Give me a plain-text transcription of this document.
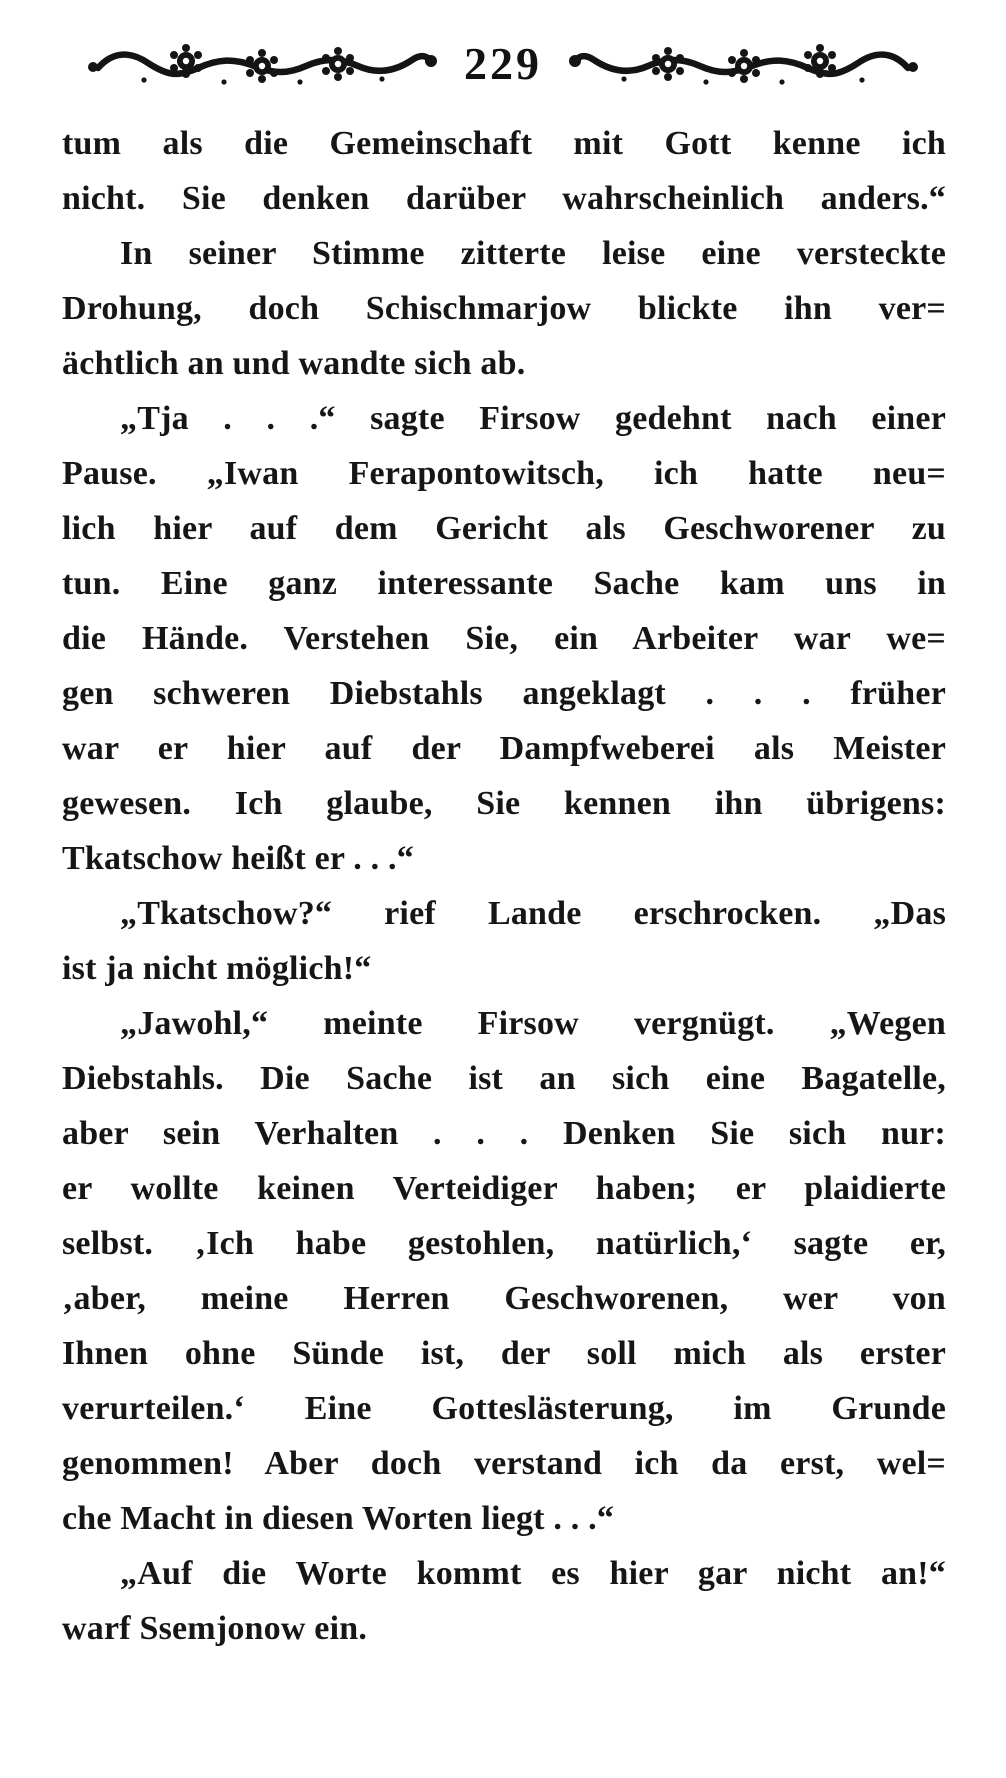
229
tum als die Gemeinschaft mit Gott kenne ich
nicht. Sie denken darüber wahrscheinlich anders.“
In seiner Stimme zitterte leise eine versteckte
Drohung, doch Schischmarjow blickte ihn ver=
ächtlich an und wandte sich ab.
„Tja . . .“ sagte Firsow gedehnt nach einer
Pause. „Iwan Ferapontowitsch, ich hatte neu=
lich hier auf dem Gericht als Geschworener zu
tun. Eine ganz interessante Sache kam uns in
die Hände. Verstehen Sie, ein Arbeiter war we=
gen schweren Diebstahls angeklagt . . . früher
war er hier auf der Dampfweberei als Meister
gewesen. Ich glaube, Sie kennen ihn übrigens:
Tkatschow heißt er . . .“
„Tkatschow?“ rief Lande erschrocken. „Das
ist ja nicht möglich!“
„Jawohl,“ meinte Firsow vergnügt. „Wegen
Diebstahls. Die Sache ist an sich eine Bagatelle,
aber sein Verhalten . . . Denken Sie sich nur:
er wollte keinen Verteidiger haben; er plaidierte
selbst. ‚Ich habe gestohlen, natürlich,‘ sagte er,
‚aber, meine Herren Geschworenen, wer von
Ihnen ohne Sünde ist, der soll mich als erster
verurteilen.‘ Eine Gotteslästerung, im Grunde
genommen! Aber doch verstand ich da erst, wel=
che Macht in diesen Worten liegt . . .“
„Auf die Worte kommt es hier gar nicht an!“
warf Ssemjonow ein.
